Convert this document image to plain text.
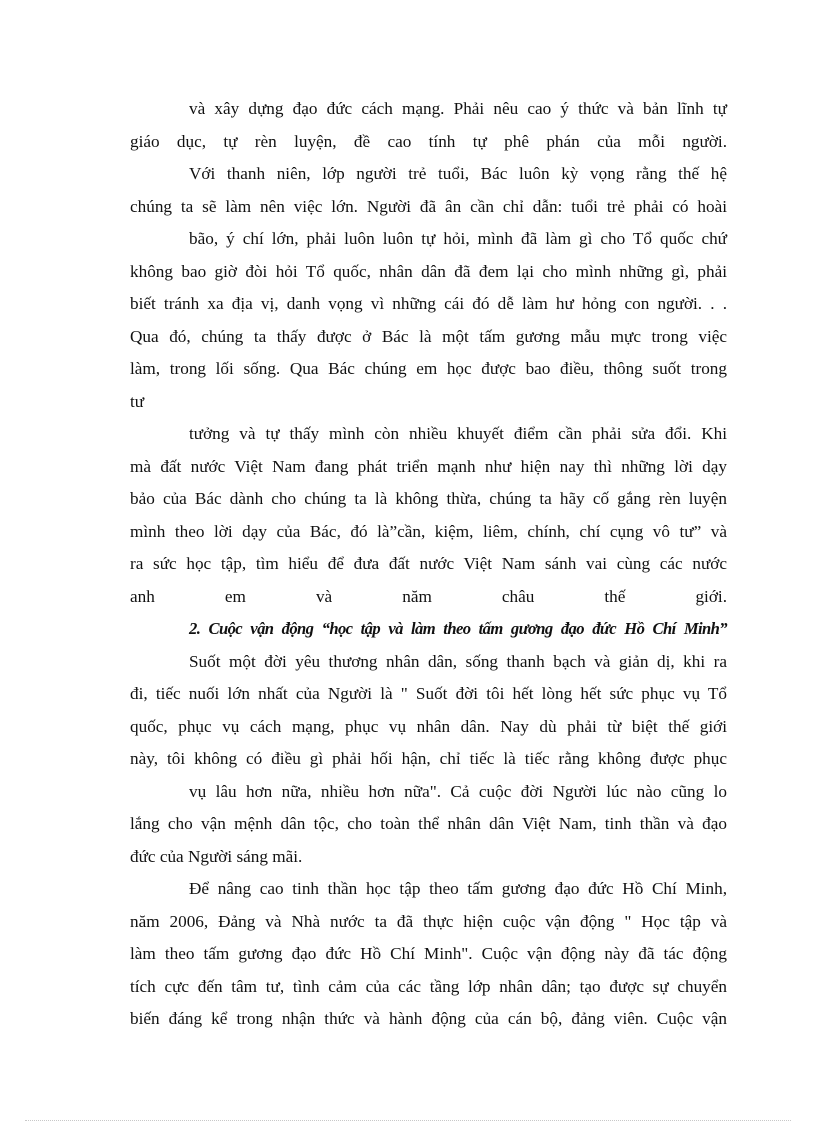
và xây dựng đạo đức cách mạng. Phải nêu cao ý thức và bản lĩnh tự
giáo dục, tự rèn luyện, đề cao tính tự phê phán của mỗi người.
Với thanh niên, lớp người trẻ tuổi, Bác luôn kỳ vọng rằng thế hệ
chúng ta sẽ làm nên việc lớn. Người đã ân cần chỉ dẫn: tuổi trẻ phải có hoài
bão, ý chí lớn, phải luôn luôn tự hỏi, mình đã làm gì cho Tổ quốc chứ
không bao giờ đòi hỏi Tổ quốc, nhân dân đã đem lại cho mình những gì, phải
biết tránh xa địa vị, danh vọng vì những cái đó dễ làm hư hỏng con người. . .
Qua đó, chúng ta thấy được ở Bác là một tấm gương mẫu mực trong việc
làm, trong lối sống. Qua Bác chúng em học được bao điều, thông suốt trong
tư
tưởng và tự thấy mình còn nhiều khuyết điểm cần phải sửa đổi. Khi
mà đất nước Việt Nam đang phát triển mạnh như hiện nay thì những lời dạy
bảo của Bác dành cho chúng ta là không thừa, chúng ta hãy cố gắng rèn luyện
mình theo lời dạy của Bác, đó là”cần, kiệm, liêm, chính, chí cụng vô tư” và
ra sức học tập, tìm hiểu để đưa đất nước Việt Nam sánh vai cùng các nước
anh em và năm châu thế giới.
2. Cuộc vận động “học tập và làm theo tấm gương đạo đức Hồ Chí Minh”
Suốt một đời yêu thương nhân dân, sống thanh bạch và giản dị, khi ra
đi, tiếc nuối lớn nhất của Người là " Suốt đời tôi hết lòng hết sức phục vụ Tổ
quốc, phục vụ cách mạng, phục vụ nhân dân. Nay dù phải từ biệt thế giới
này, tôi không có điều gì phải hối hận, chỉ tiếc là tiếc rằng không được phục
vụ lâu hơn nữa, nhiều hơn nữa". Cả cuộc đời Người lúc nào cũng lo
lắng cho vận mệnh dân tộc, cho toàn thể nhân dân Việt Nam, tinh thần và đạo
đức của Người sáng mãi.
Để nâng cao tinh thần học tập theo tấm gương đạo đức Hồ Chí Minh,
năm 2006, Đảng và Nhà nước ta đã thực hiện cuộc vận động " Học tập và
làm theo tấm gương đạo đức Hồ Chí Minh". Cuộc vận động này đã tác động
tích cực đến tâm tư, tình cảm của các tầng lớp nhân dân; tạo được sự chuyển
biến đáng kể trong nhận thức và hành động của cán bộ, đảng viên. Cuộc vận
